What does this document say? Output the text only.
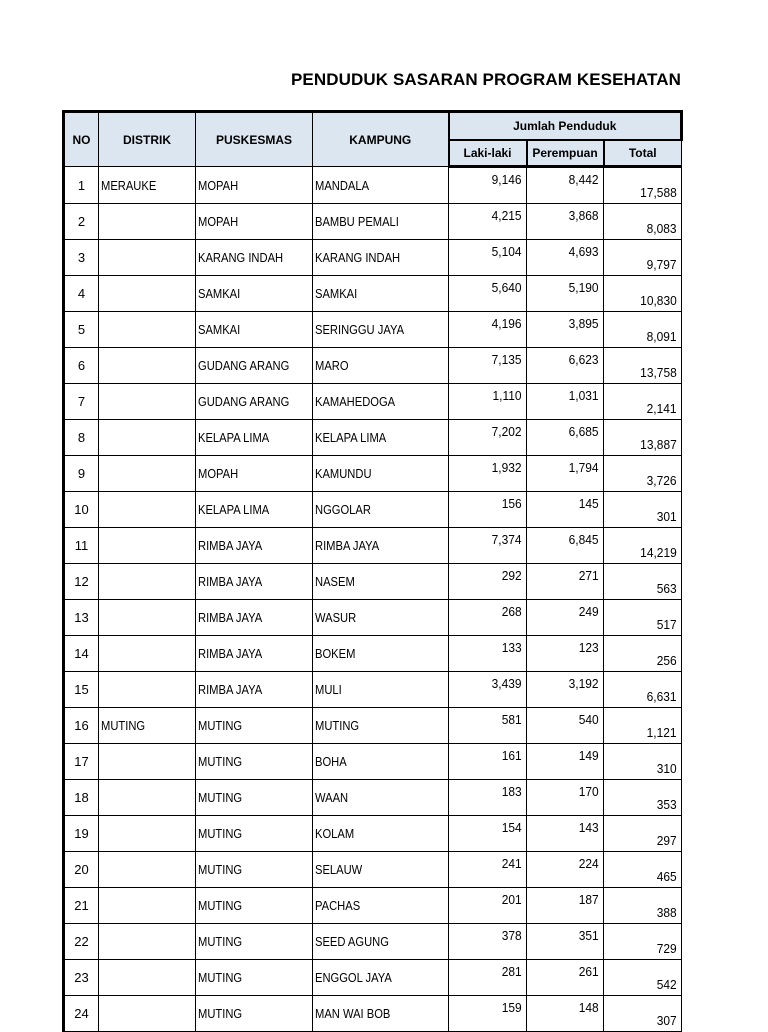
PENDUDUK SASARAN PROGRAM KESEHATAN
NO	DISTRIK	PUSKESMAS	KAMPUNG	Jumlah Penduduk		
				Laki-laki	Perempuan	Total
1	MERAUKE	MOPAH	MANDALA	9,146	8,442	17,588
2		MOPAH	BAMBU PEMALI	4,215	3,868	8,083
3		KARANG INDAH	KARANG INDAH	5,104	4,693	9,797
4		SAMKAI	SAMKAI	5,640	5,190	10,830
5		SAMKAI	SERINGGU JAYA	4,196	3,895	8,091
6		GUDANG ARANG	MARO	7,135	6,623	13,758
7		GUDANG ARANG	KAMAHEDOGA	1,110	1,031	2,141
8		KELAPA LIMA	KELAPA LIMA	7,202	6,685	13,887
9		MOPAH	KAMUNDU	1,932	1,794	3,726
10		KELAPA LIMA	NGGOLAR	156	145	301
11		RIMBA JAYA	RIMBA JAYA	7,374	6,845	14,219
12		RIMBA JAYA	NASEM	292	271	563
13		RIMBA JAYA	WASUR	268	249	517
14		RIMBA JAYA	BOKEM	133	123	256
15		RIMBA JAYA	MULI	3,439	3,192	6,631
16	MUTING	MUTING	MUTING	581	540	1,121
17		MUTING	BOHA	161	149	310
18		MUTING	WAAN	183	170	353
19		MUTING	KOLAM	154	143	297
20		MUTING	SELAUW	241	224	465
21		MUTING	PACHAS	201	187	388
22		MUTING	SEED AGUNG	378	351	729
23		MUTING	ENGGOL JAYA	281	261	542
24		MUTING	MAN WAI BOB	159	148	307
